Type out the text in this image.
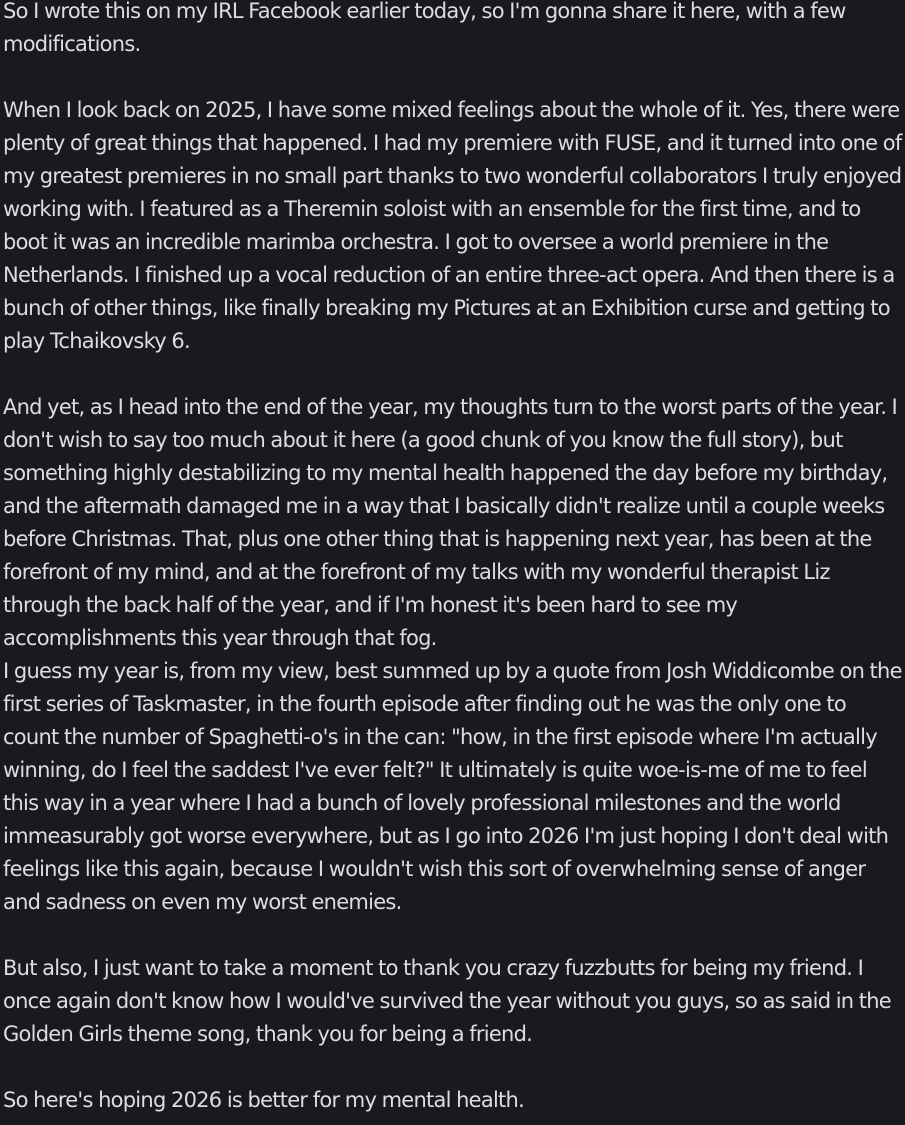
So I wrote this on my IRL Facebook earlier today, so I'm gonna share it here, with a few modifications.

When I look back on 2025, I have some mixed feelings about the whole of it. Yes, there were plenty of great things that happened. I had my premiere with FUSE, and it turned into one of my greatest premieres in no small part thanks to two wonderful collaborators I truly enjoyed working with. I featured as a Theremin soloist with an ensemble for the first time, and to boot it was an incredible marimba orchestra. I got to oversee a world premiere in the Netherlands. I finished up a vocal reduction of an entire three-act opera. And then there is a bunch of other things, like finally breaking my Pictures at an Exhibition curse and getting to play Tchaikovsky 6.

And yet, as I head into the end of the year, my thoughts turn to the worst parts of the year. I don't wish to say too much about it here (a good chunk of you know the full story), but something highly destabilizing to my mental health happened the day before my birthday, and the aftermath damaged me in a way that I basically didn't realize until a couple weeks before Christmas. That, plus one other thing that is happening next year, has been at the forefront of my mind, and at the forefront of my talks with my wonderful therapist Liz through the back half of the year, and if I'm honest it's been hard to see my accomplishments this year through that fog.

I guess my year is, from my view, best summed up by a quote from Josh Widdicombe on the first series of Taskmaster, in the fourth episode after finding out he was the only one to count the number of Spaghetti-o's in the can: "how, in the first episode where I'm actually winning, do I feel the saddest I've ever felt?" It ultimately is quite woe-is-me of me to feel this way in a year where I had a bunch of lovely professional milestones and the world immeasurably got worse everywhere, but as I go into 2026 I'm just hoping I don't deal with feelings like this again, because I wouldn't wish this sort of overwhelming sense of anger and sadness on even my worst enemies.

But also, I just want to take a moment to thank you crazy fuzzbutts for being my friend. I once again don't know how I would've survived the year without you guys, so as said in the Golden Girls theme song, thank you for being a friend.

So here's hoping 2026 is better for my mental health.
